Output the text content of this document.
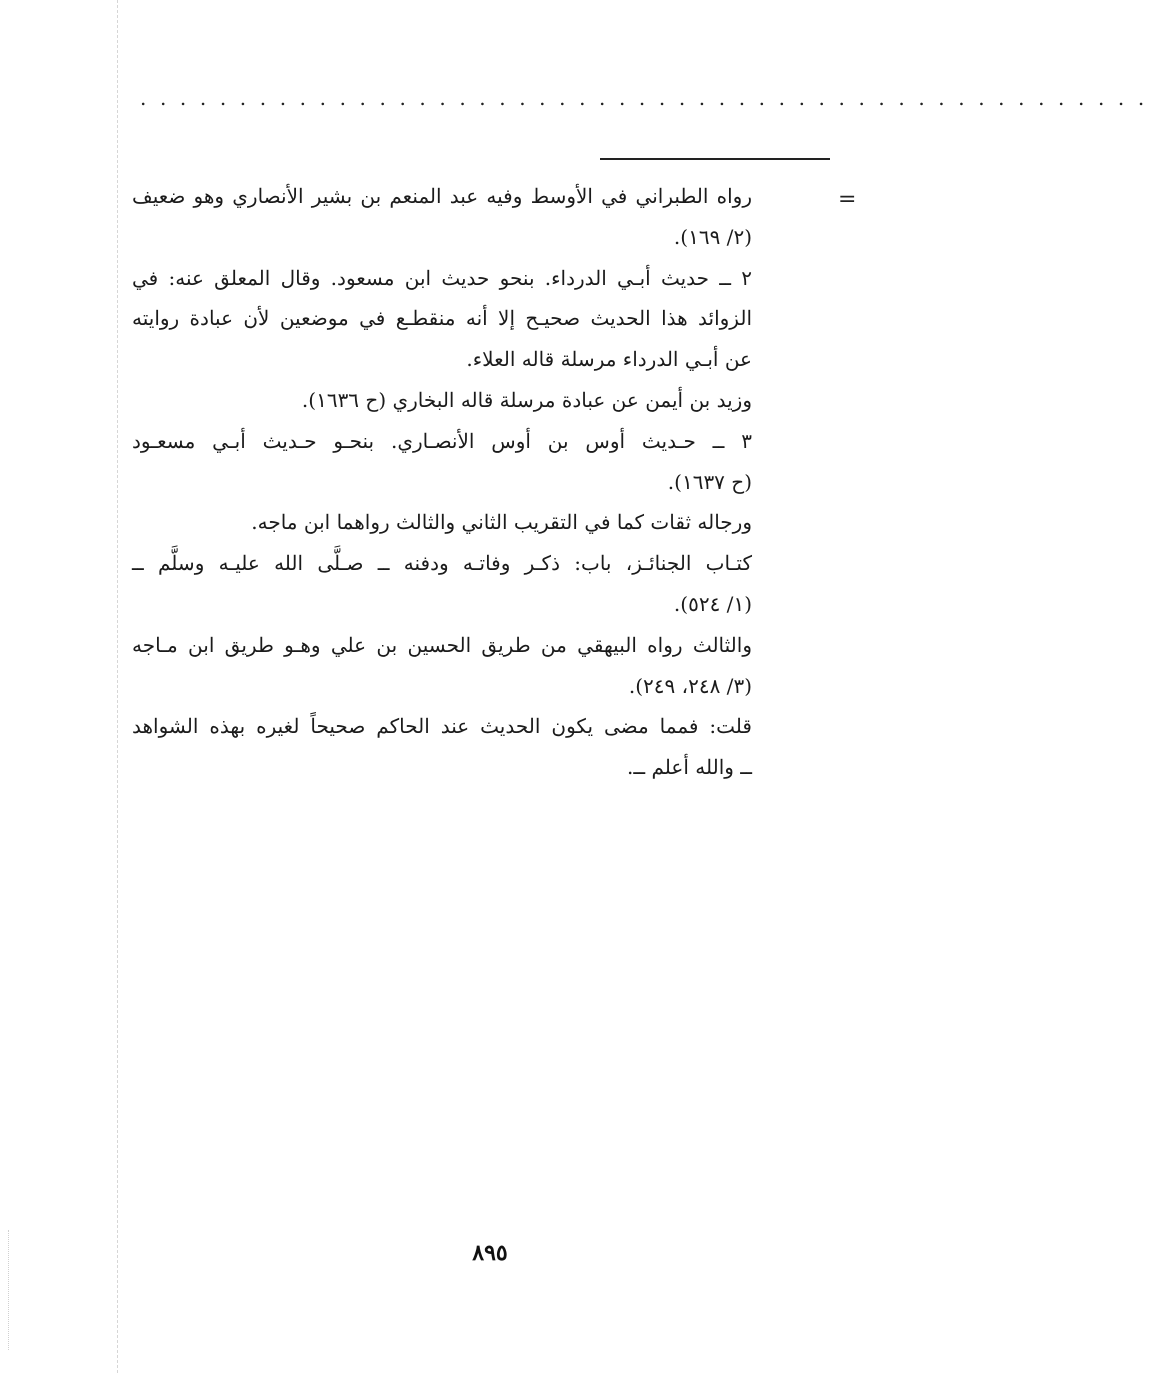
...................................................
=
رواه الطبراني في الأوسط وفيه عبد المنعم بن بشير الأنصاري وهو ضعيف
(٢/ ١٦٩).
٢ ــ حديث أبـي الدرداء. بنحو حديث ابن مسعود. وقال المعلق عنه: في
الزوائد هذا الحديث صحيـح إلا أنه منقطـع في موضعين لأن عبادة روايته
عن أبـي الدرداء مرسلة قاله العلاء.
وزيد بن أيمن عن عبادة مرسلة قاله البخاري (ح ١٦٣٦).
٣ ــ حـديث أوس بن أوس الأنصـاري. بنحـو حـديث أبـي مسعـود
(ح ١٦٣٧).
ورجاله ثقات كما في التقريب الثاني والثالث رواهما ابن ماجه.
كتـاب الجنائـز، باب: ذكـر وفاتـه ودفنه ــ صـلَّى الله عليـه وسلَّم ــ
(١/ ٥٢٤).
والثالث رواه البيهقي من طريق الحسين بن علي وهـو طريق ابن مـاجه
(٣/ ٢٤٨، ٢٤٩).
قلت: فمما مضى يكون الحديث عند الحاكم صحيحاً لغيره بهذه الشواهد
ــ والله أعلم ــ.
٨٩٥
